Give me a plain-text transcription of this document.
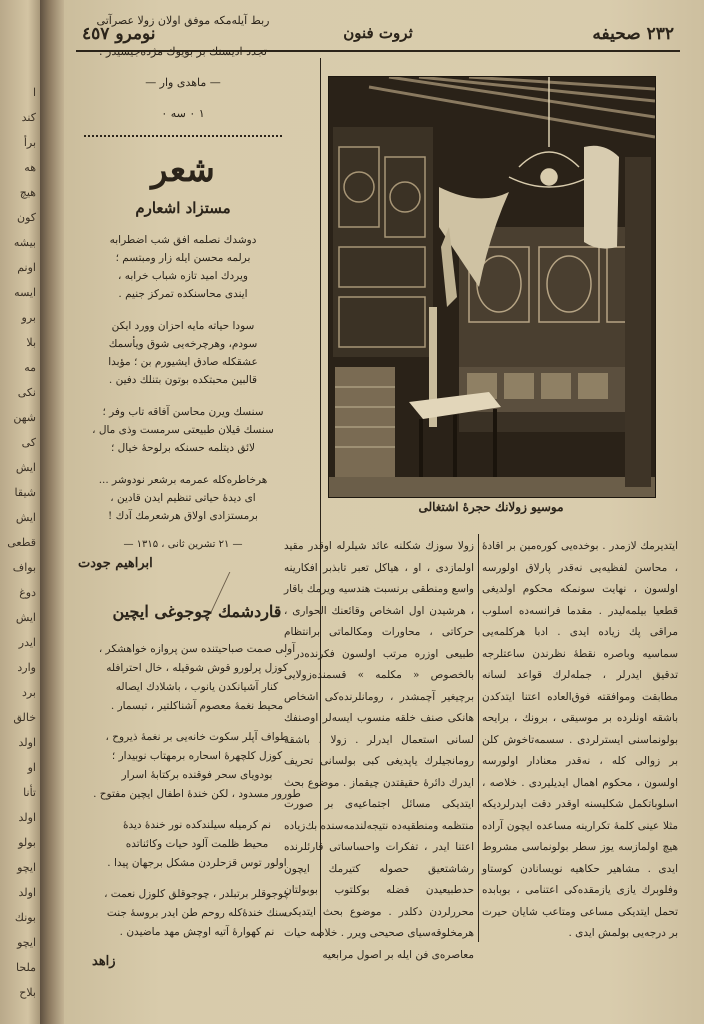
ا
کند
برأ
هه
هیچ
کون
بیشه
اونم
ایسه
برو
بلا
مه
نکی
شهن
کی
ایش
شیقا
ایش
قطعی
بواف
دوغ
ایش
ایدر
وارد
برد
خالق
اولد
او
تأنا
اولد
بولو
ایچو
اولد
بونك
ایچو
ملحا
بلاح
۲۳۲ صحیفه
ثروت فنون
نومرو ٤٥٧

ربط آیله‌مکه موفق اولان زولا عصرآتی

تجدد ادیسنك بر بویوك مژده‌جیسیدر .

— ماهدی وار —

۱ ۰ سه ۰

شعر
مستزاد اشعارم
دوشدك نصلمه افق شب اضطرابه
برلمه محسن ایله زار ومبتسم ؛
ویردك امید تازه شباب خرابه ،
ایندی محاسنکده تمرکز جنیم .
سودا حیاته مایه احزان وورد ایکن
سودم، وهرچرخه‌یی شوق ویأسمك
عشقکله صادق ایشیورم بن ؛ مؤبدا
قالبین محبتکده بوتون بتنلك دفین .
سنسك ویرن محاسن آفاقه تاب وفر ؛
سنسك قیلان طبیعتی سرمست وذی مال ،
لائق دیتلمه حسنکه برلوحهٔ خیال ؛
هرخاطره‌کله عمرمه برشعر نودوشر ...
ای دیدهٔ حیاتی تنظیم ایدن قادین ،
برمستزادی اولاق هرشعرمك آدك !
— ۲۱ تشرین ثانی ، ۱۳۱۵ —
ابراهیم جودت
قاردشمك چوجوغی ایچین
آولی صمت صباحیتنده سن پروازه خواهشکر ،
کوزل پرلورو قوش شوقیله ، خال احترافله
کنار آشیانکدن یانوب ، باشلادك ایصاله
محیط نغمهٔ معصوم آشناكلتیر ، تبسمار .
طواف آپلر سکوت خانه‌یی بر نغمهٔ ذیروح ،
کوزل کلچهرهٔ اسحاره برمهتاب نوبیدار ؛
بودویای سحر فوقنده برکتابهٔ اسرار
طورور مسدود ، لکن خندهٔ اطفال ایچین مفتوح .
نم کرمیله سیلندکده نور خندهٔ دیدهٔ
محیط ظلمت آلود حیات وکائناتده
اولور توس قزحلردن مشکل برجهان پیدا .
چوجوقلر برتبلدر ، چوجوقلق کلوزل نعمت ،
سنك خندهٔ‌کله روحم طن ایدر بروسهٔ جنت
نم کهوارهٔ آتیه اوچش مهد ماضیدن .
زاهد
موسیو زولانك حجرهٔ اشتغالی

ایتدیرمك لازمدر . بوخده‌یی کوره‌مین بر اقادهٔ ، محاسن لفظیه‌یی نه‌قدر پارلاق اولورسه اولسون ، نهایت سونمکه محکوم اولدیغی قطعیا بیلمه‌لیدر . مقدما فرانسه‌ده اسلوب مراقی پك زیاده ایدی . ادبا هرکلمه‌یی سماسیه وباصره نقطهٔ نظرندن ساعتلرجه تدقیق ایدرلر ، جمله‌لرك قواعد لسانه مطابقت وموافقته فوق‌العاده اعتنا ایتدکدن باشقه اونلرده بر موسیقی ، برونك ، برایحه بولونماسنی ایسترلردی . سسمه‌تاخوش کلن بر زوالی کله ، نه‌قدر معنادار اولورسه اولسون ، محکوم اهمال ایدیلیردی . خلاصه ، اسلوباتکمل شکلیسنه اوقدر دقت ایدرلردیکه مثلا عینی کلمهٔ تکرارینه مساعده ایچون آراده هیچ اولمازسه یوز سطر بولونماسی مشروط ایدی . مشاهیر حکاهیه نویسانادن کوستاو وفلوبرك یازی یازمقده‌کی اعتنامی ، بوبابده تحمل ایتدیکی مساعی ومتاعب شایان حیرت بر درجه‌یی بولمش ایدی .

زولا سوزك شکلنه عائد شیلرله اوقدر مقید اولمازدی ، او ، هیاکل تعبر تابذبر افکارینه واسع ومنطقی برنسبت هندسیه ویرمك باقار ، هرشیدن اول اشخاص وقائعنك الحواری ، حرکاتی ، محاورات ومکالماتی برانتظام طبیعی اوزره مرتب اولسون فکرنده‌در . بالخصوص « مکلمه » قسمنده‌زولایی برچیغیر آچمشدر ، رومانلرنده‌کی اشخاص هانکی صنف خلقه منسوب ایسه‌لر اوصنفك لسانی استعمال ایدرلر . زولا ، باشقه رومانجیلرك یاپدیغی کبی بولسانی تحریف ایدرك دائرهٔ حقیقتدن چیقماز . موضوع بحث ایتدیکی مسائل اجتماعیه‌ی بر صورت منتظمه ومنطقیه‌ده نتیجه‌لندمه‌سنده بك‌زیاده اعتنا ایدر ، تفکرات واحساساتی قارئلرنده رشاشتعیق حصوله کتیرمك ایچون حدطبیعیدن فضله بوکلتوب بوبولتان محررلردن دکلدر . موضوع بحث ایتدیکی هرمخلوقه‌سیای صحیحی ویرر . خلاصه حیات معاصره‌ی فن ایله بر اصول مرابعیه
